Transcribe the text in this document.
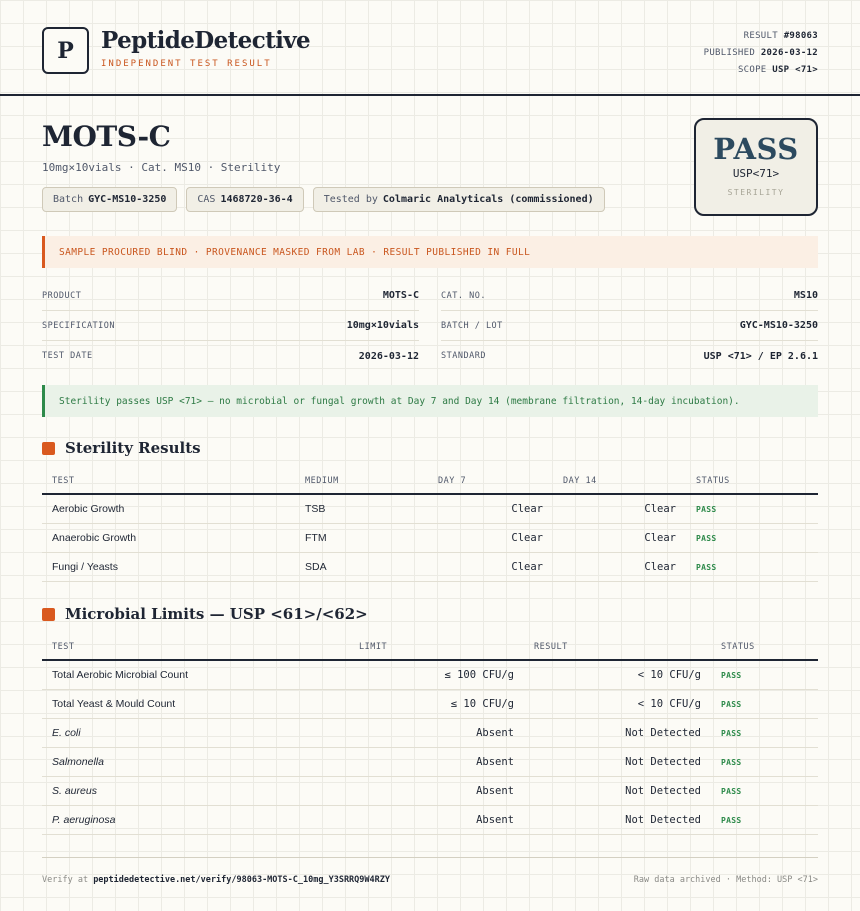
P	PeptideDetective
INDEPENDENT TEST RESULT
RESULT #98063
PUBLISHED 2026-03-12
SCOPE USP <71>
MOTS-C
10mg×10vials · Cat. MS10 · Sterility
Batch GYC-MS10-3250	CAS 1468720-36-4	Tested by Colmaric Analyticals (commissioned)
PASS
USP<71>
STERILITY
SAMPLE PROCURED BLIND · PROVENANCE MASKED FROM LAB · RESULT PUBLISHED IN FULL
PRODUCT	MOTS-C
SPECIFICATION	10mg×10vials
TEST DATE	2026-03-12
CAT. NO.	MS10
BATCH / LOT	GYC-MS10-3250
STANDARD	USP <71> / EP 2.6.1
Sterility passes USP <71> — no microbial or fungal growth at Day 7 and Day 14 (membrane filtration, 14-day incubation).
Sterility Results
TEST	MEDIUM	DAY 7	DAY 14	STATUS
Aerobic Growth	TSB	Clear	Clear	PASS
Anaerobic Growth	FTM	Clear	Clear	PASS
Fungi / Yeasts	SDA	Clear	Clear	PASS
Microbial Limits — USP <61>/<62>
TEST	LIMIT	RESULT	STATUS
Total Aerobic Microbial Count	≤ 100 CFU/g	< 10 CFU/g	PASS
Total Yeast & Mould Count	≤ 10 CFU/g	< 10 CFU/g	PASS
E. coli	Absent	Not Detected	PASS
Salmonella	Absent	Not Detected	PASS
S. aureus	Absent	Not Detected	PASS
P. aeruginosa	Absent	Not Detected	PASS
Verify at peptidedetective.net/verify/98063-MOTS-C_10mg_Y3SRRQ9W4RZY	Raw data archived · Method: USP <71>
